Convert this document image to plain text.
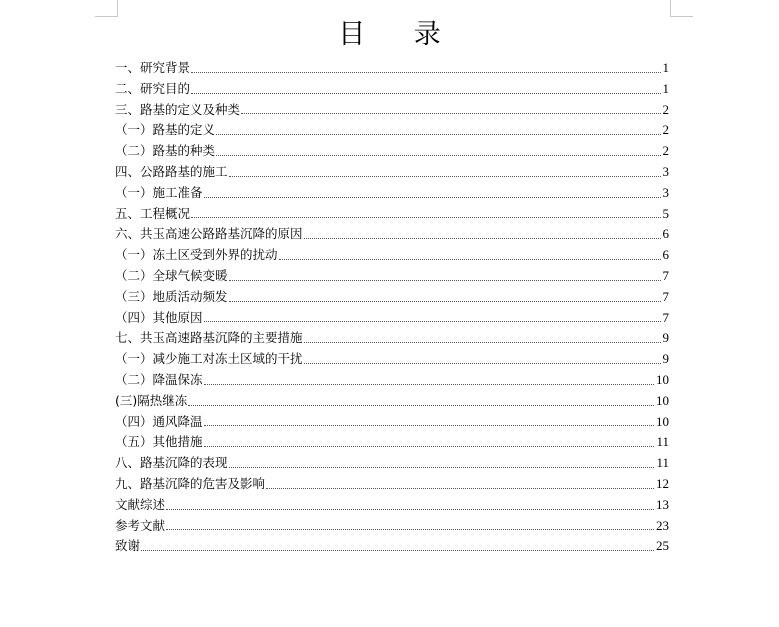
目 录
一、研究背景	1
二、研究目的	1
三、路基的定义及种类	2
（一）路基的定义	2
（二）路基的种类	2
四、公路路基的施工	3
（一）施工准备	3
五、工程概况	5
六、共玉高速公路路基沉降的原因	6
（一）冻土区受到外界的扰动	6
（二）全球气候变暖	7
（三）地质活动频发	7
（四）其他原因	7
七、共玉高速路基沉降的主要措施	9
（一）减少施工对冻土区域的干扰	9
（二）降温保冻	10
(三)隔热继冻	10
（四）通风降温	10
（五）其他措施	11
八、路基沉降的表现	11
九、路基沉降的危害及影响	12
文献综述	13
参考文献	23
致谢	25
